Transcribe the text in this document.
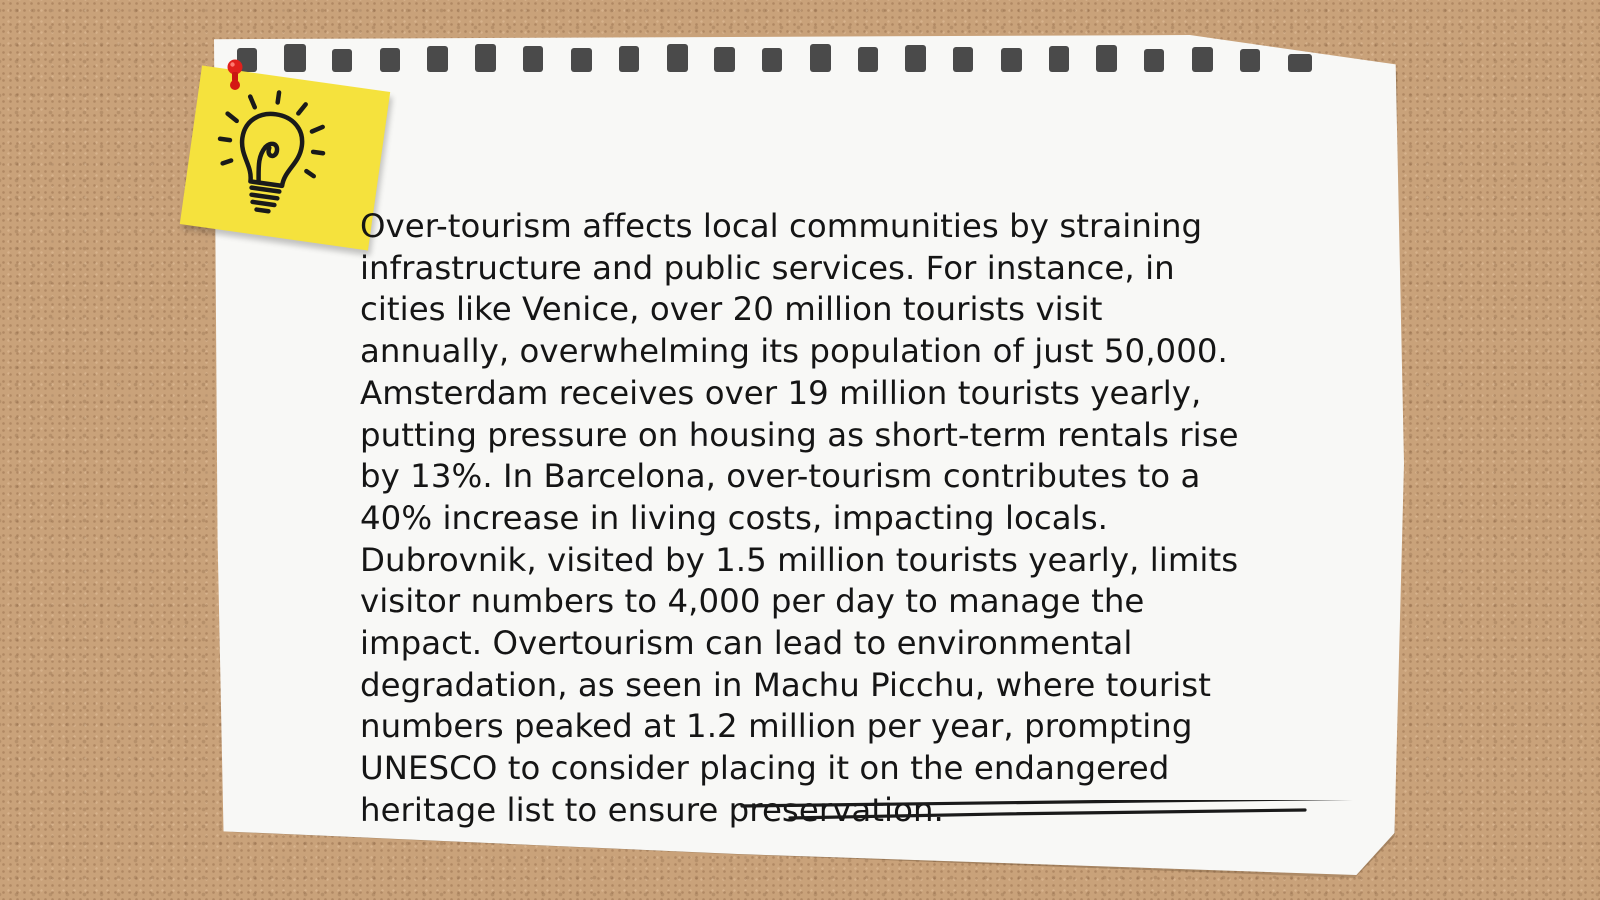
Over-tourism affects local communities by straining infrastructure and public services. For instance, in cities like Venice, over 20 million tourists visit annually, overwhelming its population of just 50,000. Amsterdam receives over 19 million tourists yearly, putting pressure on housing as short-term rentals rise by 13%. In Barcelona, over-tourism contributes to a 40% increase in living costs, impacting locals. Dubrovnik, visited by 1.5 million tourists yearly, limits visitor numbers to 4,000 per day to manage the impact. Overtourism can lead to environmental degradation, as seen in Machu Picchu, where tourist numbers peaked at 1.2 million per year, prompting UNESCO to consider placing it on the endangered heritage list to ensure preservation.
